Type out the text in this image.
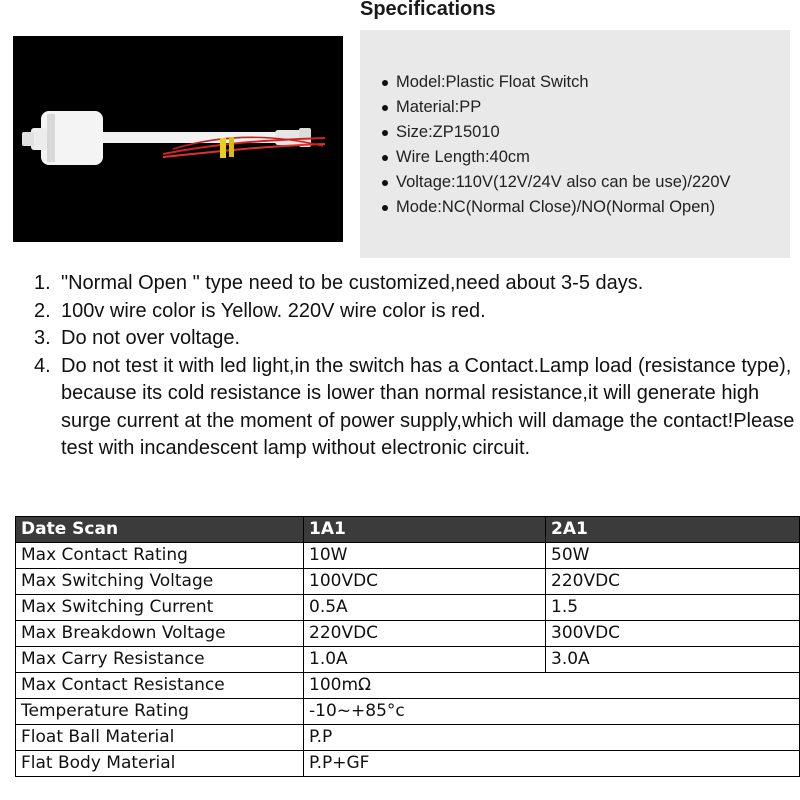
Specifications
Model:Plastic Float Switch
Material:PP
Size:ZP15010
Wire Length:40cm
Voltage:110V(12V/24V also can be use)/220V
Mode:NC(Normal Close)/NO(Normal Open)
1. "Normal Open " type need to be customized,need about 3-5 days.
2. 100v wire color is Yellow. 220V wire color is red.
3. Do not over voltage.
4. Do not test it with led light,in the switch has a Contact.Lamp load (resistance type), because its cold resistance is lower than normal resistance,it will generate high surge current at the moment of power supply,which will damage the contact!Please test with incandescent lamp without electronic circuit.
Date Scan	1A1	2A1
Max Contact Rating	10W	50W
Max Switching Voltage	100VDC	220VDC
Max Switching Current	0.5A	1.5
Max Breakdown Voltage	220VDC	300VDC
Max Carry Resistance	1.0A	3.0A
Max Contact Resistance	100mΩ	
Temperature Rating	-10~+85°c	
Float Ball Material	P.P	
Flat Body Material	P.P+GF	
